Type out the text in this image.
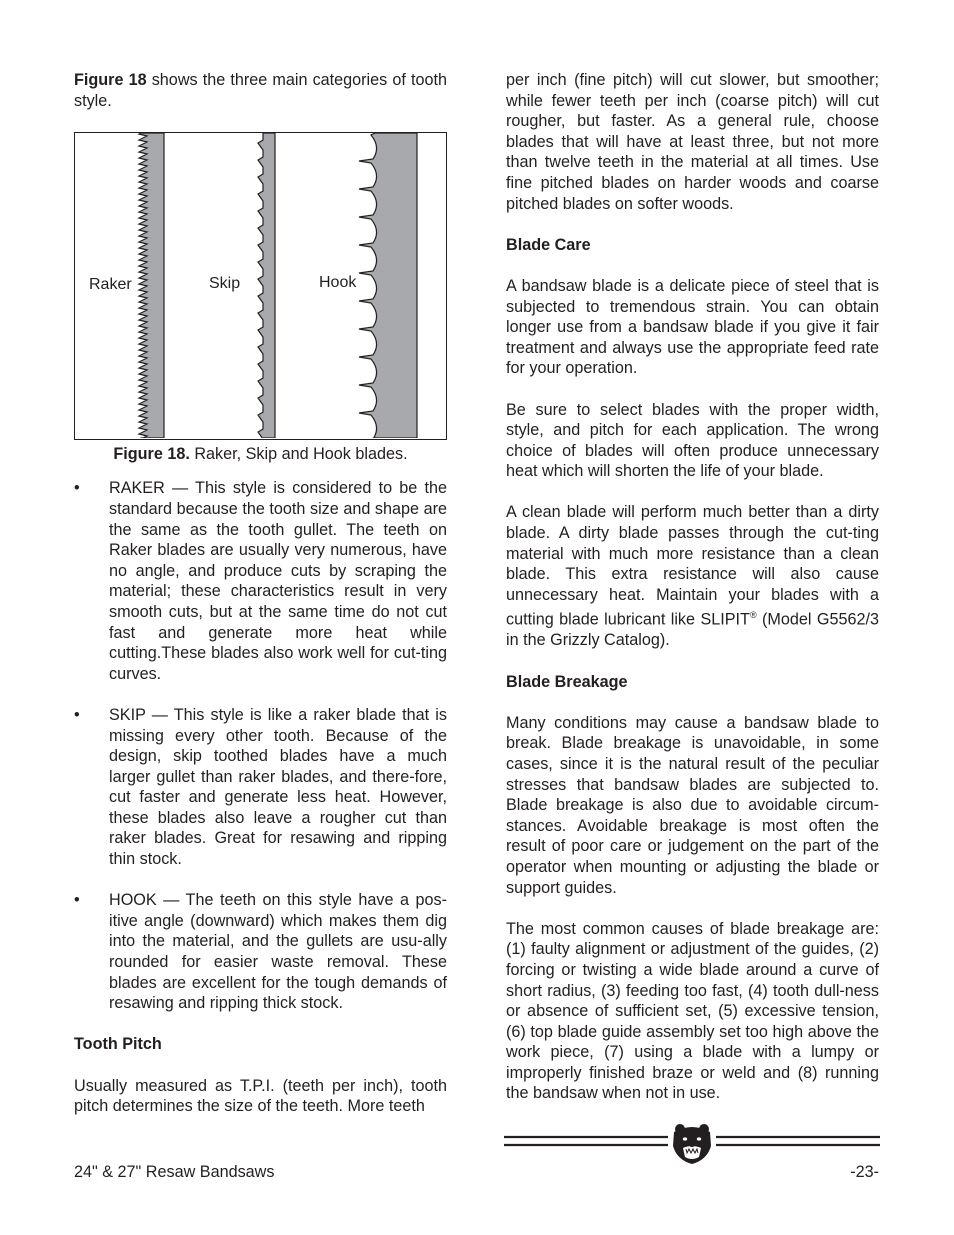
Figure 18 shows the three main categories of tooth style.

Raker	Skip	Hook
Figure 18. Raker, Skip and Hook blades.
• RAKER — This style is considered to be the standard because the tooth size and shape are the same as the tooth gullet. The teeth on Raker blades are usually very numerous, have no angle, and produce cuts by scraping the material; these characteristics result in very smooth cuts, but at the same time do not cut fast and generate more heat while cutting.These blades also work well for cut-ting curves.
• SKIP — This style is like a raker blade that is missing every other tooth. Because of the design, skip toothed blades have a much larger gullet than raker blades, and there-fore, cut faster and generate less heat. However, these blades also leave a rougher cut than raker blades. Great for resawing and ripping thin stock.
• HOOK — The teeth on this style have a pos-itive angle (downward) which makes them dig into the material, and the gullets are usu-ally rounded for easier waste removal. These blades are excellent for the tough demands of resawing and ripping thick stock.
Tooth Pitch

Usually measured as T.P.I. (teeth per inch), tooth pitch determines the size of the teeth. More teeth

per inch (fine pitch) will cut slower, but smoother; while fewer teeth per inch (coarse pitch) will cut rougher, but faster. As a general rule, choose blades that will have at least three, but not more than twelve teeth in the material at all times. Use fine pitched blades on harder woods and coarse pitched blades on softer woods.

Blade Care

A bandsaw blade is a delicate piece of steel that is subjected to tremendous strain. You can obtain longer use from a bandsaw blade if you give it fair treatment and always use the appropriate feed rate for your operation.

Be sure to select blades with the proper width, style, and pitch for each application. The wrong choice of blades will often produce unnecessary heat which will shorten the life of your blade.

A clean blade will perform much better than a dirty blade. A dirty blade passes through the cut-ting material with much more resistance than a clean blade. This extra resistance will also cause unnecessary heat. Maintain your blades with a cutting blade lubricant like SLIPIT® (Model G5562/3 in the Grizzly Catalog).

Blade Breakage

Many conditions may cause a bandsaw blade to break. Blade breakage is unavoidable, in some cases, since it is the natural result of the peculiar stresses that bandsaw blades are subjected to. Blade breakage is also due to avoidable circum-stances. Avoidable breakage is most often the result of poor care or judgement on the part of the operator when mounting or adjusting the blade or support guides.

The most common causes of blade breakage are: (1) faulty alignment or adjustment of the guides, (2) forcing or twisting a wide blade around a curve of short radius, (3) feeding too fast, (4) tooth dull-ness or absence of sufficient set, (5) excessive tension, (6) top blade guide assembly set too high above the work piece, (7) using a blade with a lumpy or improperly finished braze or weld and (8) running the bandsaw when not in use.

24" & 27" Resaw Bandsaws	-23-
